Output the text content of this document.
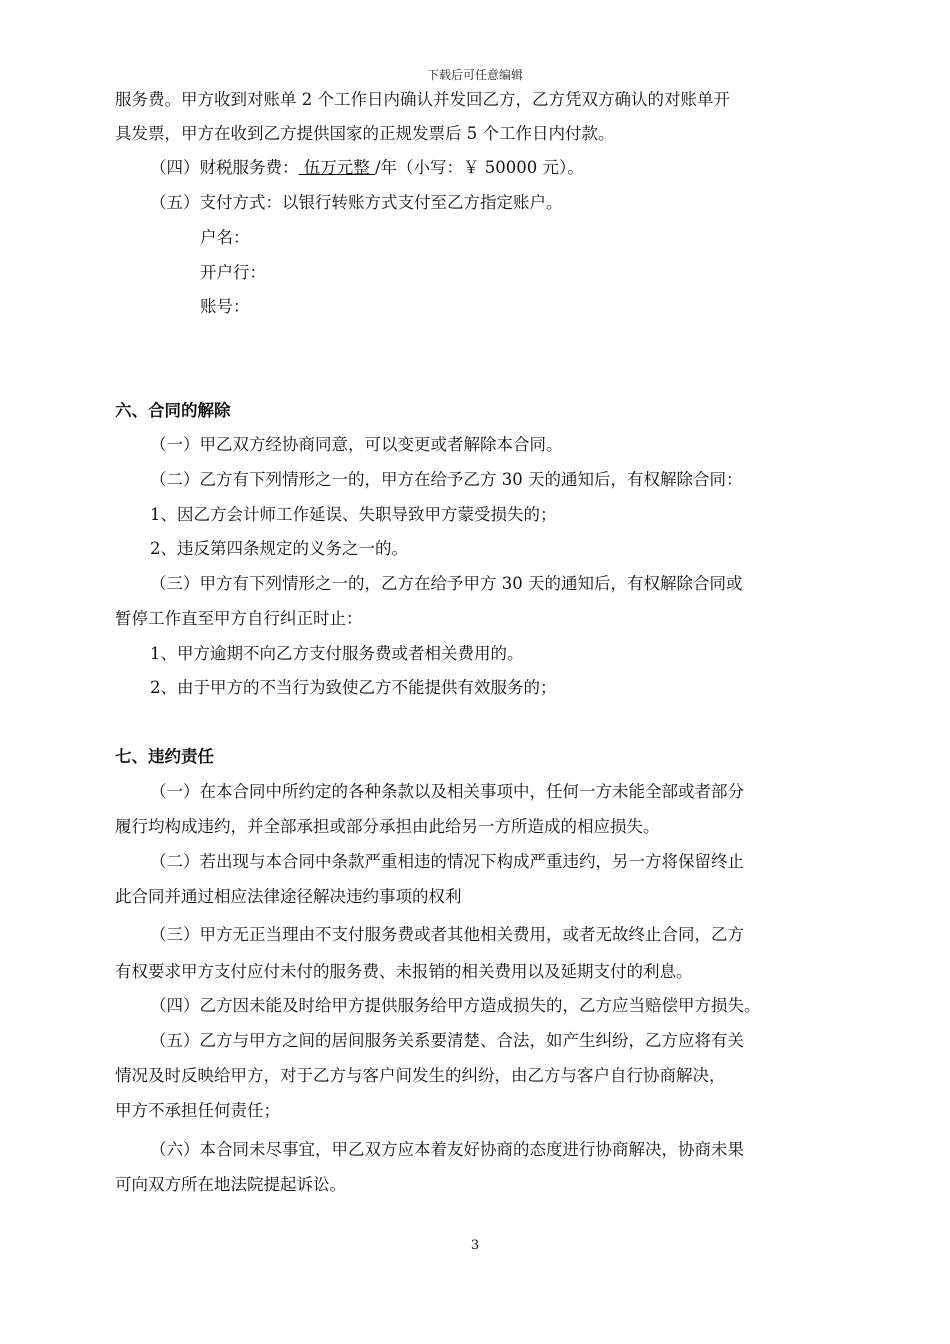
下载后可任意编辑
服务费。甲方收到对账单 2 个工作日内确认并发回乙方，乙方凭双方确认的对账单开
具发票，甲方在收到乙方提供国家的正规发票后 5 个工作日内付款。
（四）财税服务费： 伍万元整 /年（小写：￥ 50000 元）。
（五）支付方式：以银行转账方式支付至乙方指定账户。
户名：
开户行：
账号：
六、合同的解除
（一）甲乙双方经协商同意，可以变更或者解除本合同。
（二）乙方有下列情形之一的，甲方在给予乙方 30 天的通知后，有权解除合同：
1、因乙方会计师工作延误、失职导致甲方蒙受损失的；
2、违反第四条规定的义务之一的。
（三）甲方有下列情形之一的，乙方在给予甲方 30 天的通知后，有权解除合同或
暂停工作直至甲方自行纠正时止：
1、甲方逾期不向乙方支付服务费或者相关费用的。
2、由于甲方的不当行为致使乙方不能提供有效服务的；
七、违约责任
（一）在本合同中所约定的各种条款以及相关事项中，任何一方未能全部或者部分
履行均构成违约，并全部承担或部分承担由此给另一方所造成的相应损失。
（二）若出现与本合同中条款严重相违的情况下构成严重违约，另一方将保留终止
此合同并通过相应法律途径解决违约事项的权利
（三）甲方无正当理由不支付服务费或者其他相关费用，或者无故终止合同，乙方
有权要求甲方支付应付未付的服务费、未报销的相关费用以及延期支付的利息。
（四）乙方因未能及时给甲方提供服务给甲方造成损失的，乙方应当赔偿甲方损失。
（五）乙方与甲方之间的居间服务关系要清楚、合法，如产生纠纷，乙方应将有关
情况及时反映给甲方，对于乙方与客户间发生的纠纷，由乙方与客户自行协商解决，
甲方不承担任何责任；
（六）本合同未尽事宜，甲乙双方应本着友好协商的态度进行协商解决，协商未果
可向双方所在地法院提起诉讼。
3
